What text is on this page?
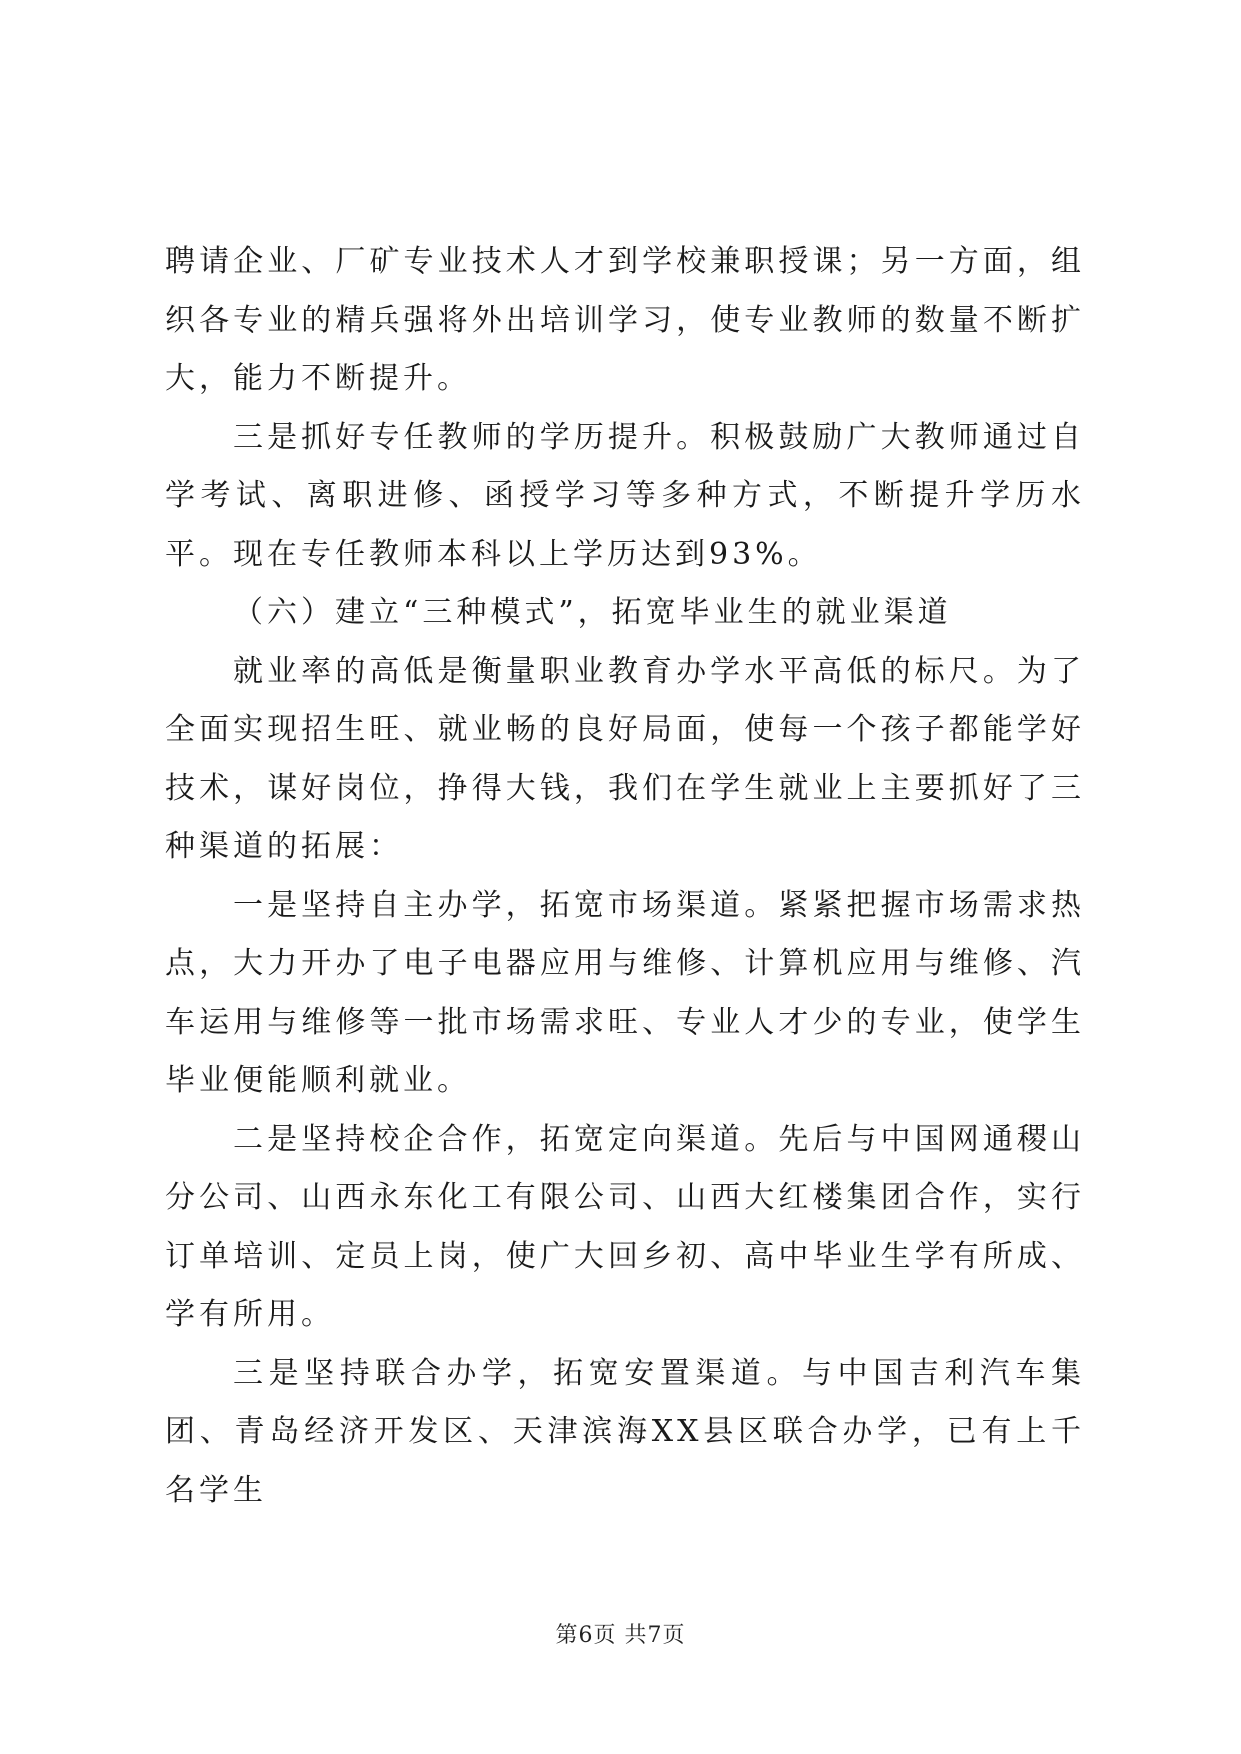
聘请企业、厂矿专业技术人才到学校兼职授课；另一方面，组织各专业的精兵强将外出培训学习，使专业教师的数量不断扩大，能力不断提升。

三是抓好专任教师的学历提升。积极鼓励广大教师通过自学考试、离职进修、函授学习等多种方式，不断提升学历水平。现在专任教师本科以上学历达到93%。

（六）建立“三种模式”，拓宽毕业生的就业渠道

就业率的高低是衡量职业教育办学水平高低的标尺。为了全面实现招生旺、就业畅的良好局面，使每一个孩子都能学好技术，谋好岗位，挣得大钱，我们在学生就业上主要抓好了三种渠道的拓展：

一是坚持自主办学，拓宽市场渠道。紧紧把握市场需求热点，大力开办了电子电器应用与维修、计算机应用与维修、汽车运用与维修等一批市场需求旺、专业人才少的专业，使学生毕业便能顺利就业。

二是坚持校企合作，拓宽定向渠道。先后与中国网通稷山分公司、山西永东化工有限公司、山西大红楼集团合作，实行订单培训、定员上岗，使广大回乡初、高中毕业生学有所成、学有所用。

三是坚持联合办学，拓宽安置渠道。与中国吉利汽车集团、青岛经济开发区、天津滨海XX县区联合办学，已有上千名学生

第6页 共7页
